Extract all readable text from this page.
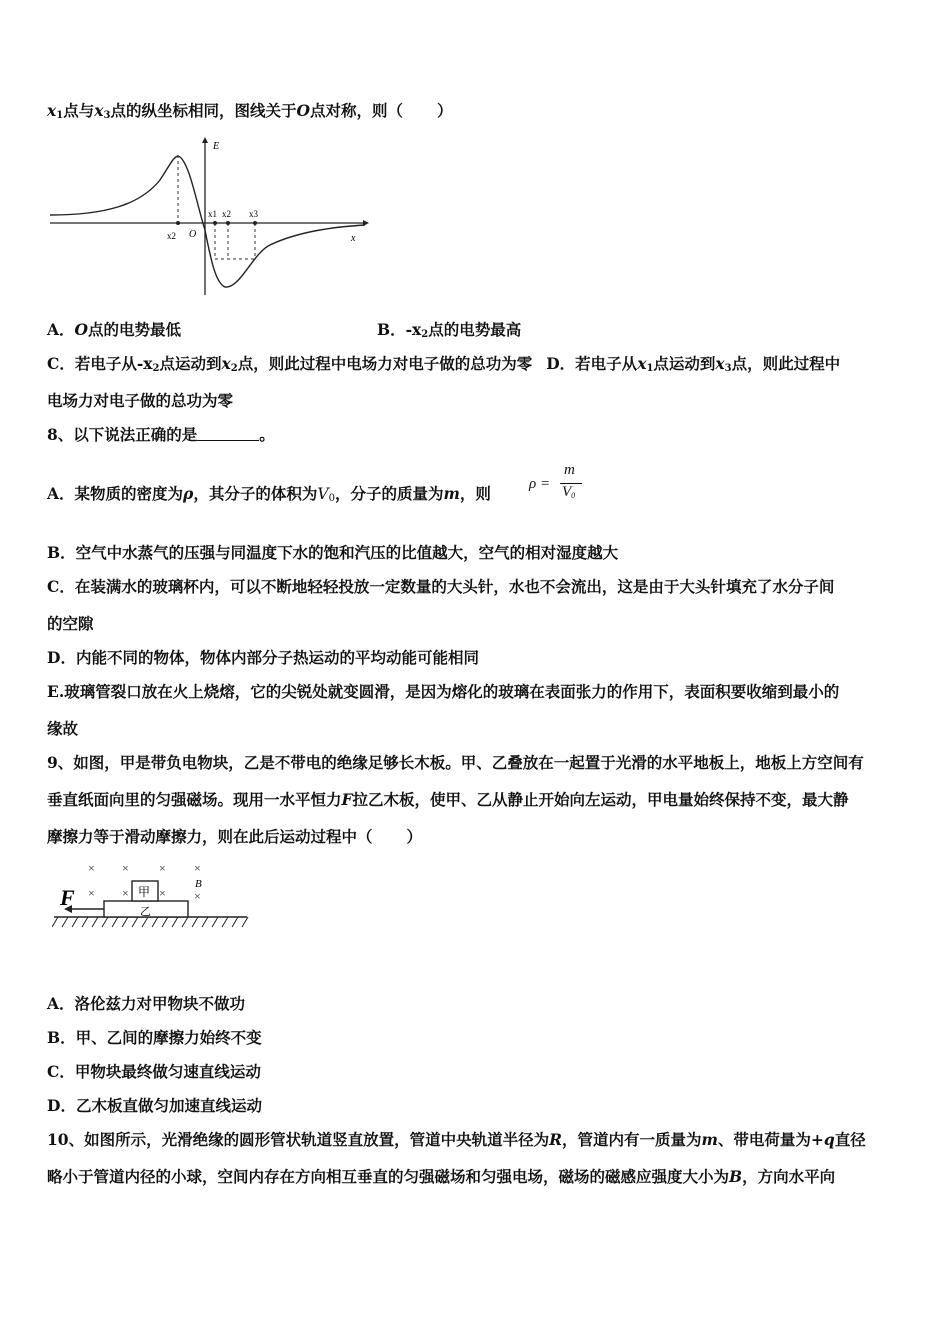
$x_1$点与$x_3$点的纵坐标相同，图线关于O点对称，则（ ）
E
x
O
x2
x1 x2 x3
A．O点的电势最低	B．$-x_2$点的电势最高
C．若电子从$-x_2$点运动到$x_2$点，则此过程中电场力对电子做的总功为零 D．若电子从$x_1$点运动到$x_3$点，则此过程中
电场力对电子做的总功为零
8、以下说法正确的是	。
A．某物质的密度为ρ，其分子的体积为$V_0$，分子的质量为m，则	ρ =
m
$V_0$
B．空气中水蒸气的压强与同温度下水的饱和汽压的比值越大，空气的相对湿度越大
C．在装满水的玻璃杯内，可以不断地轻轻投放一定数量的大头针，水也不会流出，这是由于大头针填充了水分子间
的空隙
D．内能不同的物体，物体内部分子热运动的平均动能可能相同
E.玻璃管裂口放在火上烧熔，它的尖锐处就变圆滑，是因为熔化的玻璃在表面张力的作用下，表面积要收缩到最小的
缘故
9、如图，甲是带负电物块，乙是不带电的绝缘足够长木板。甲、乙叠放在一起置于光滑的水平地板上，地板上方空间有
垂直纸面向里的匀强磁场。现用一水平恒力F拉乙木板，使甲、乙从静止开始向左运动，甲电量始终保持不变，最大静
摩擦力等于滑动摩擦力，则在此后运动过程中（ ）
乙
甲
F
× ×	× ×
× ×	× ×
B
A．洛伦兹力对甲物块不做功
B．甲、乙间的摩擦力始终不变
C．甲物块最终做匀速直线运动
D．乙木板直做匀加速直线运动
10、如图所示，光滑绝缘的圆形管状轨道竖直放置，管道中央轨道半径为R，管道内有一质量为m、带电荷量为+q直径
略小于管道内径的小球，空间内存在方向相互垂直的匀强磁场和匀强电场，磁场的磁感应强度大小为B，方向水平向
